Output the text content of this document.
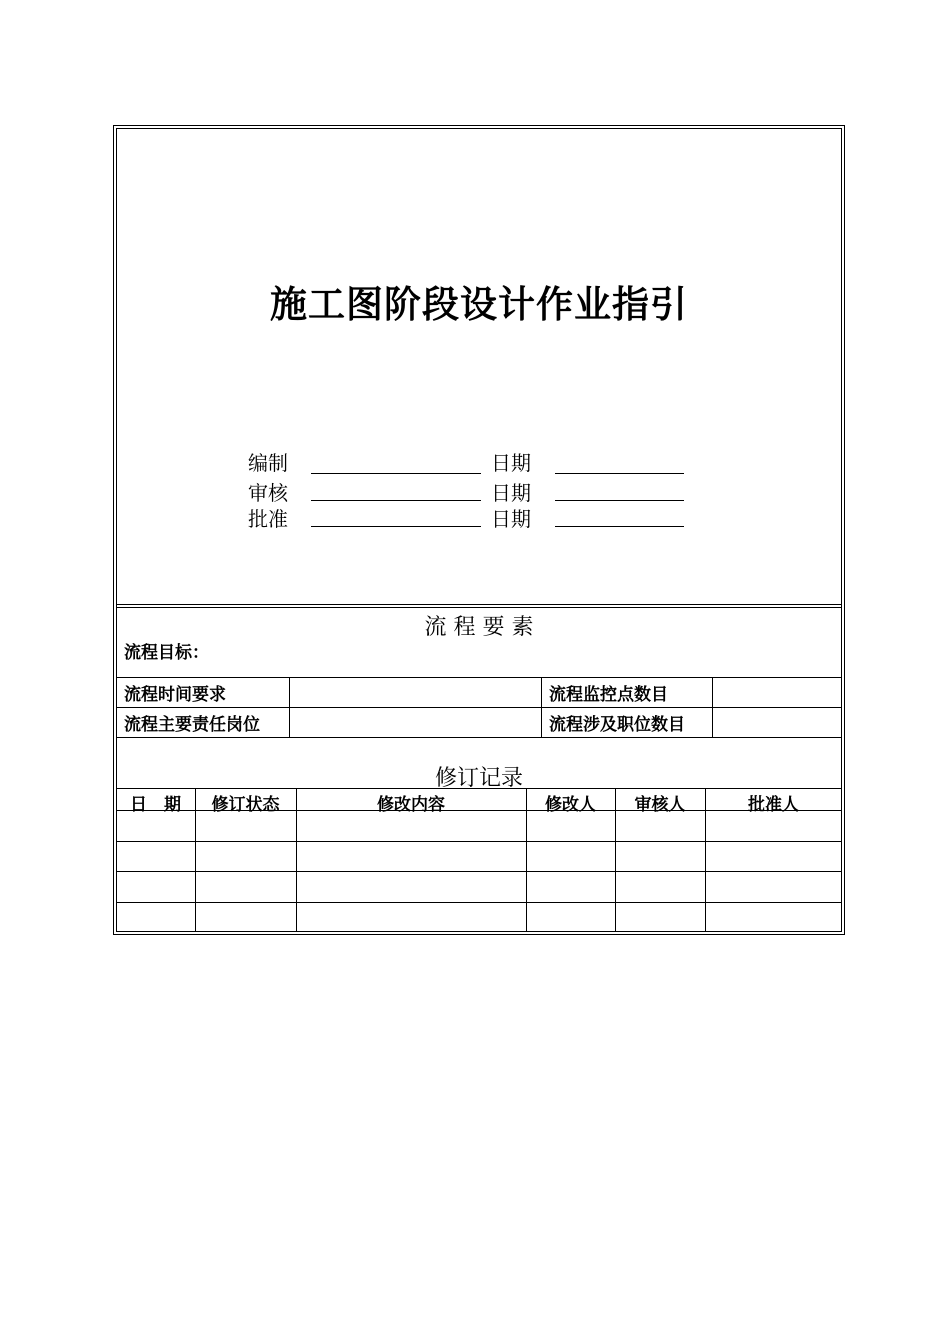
施工图阶段设计作业指引
编制	日期
审核	日期
批准	日期
流 程 要 素
流程目标：
流程时间要求	流程监控点数目
流程主要责任岗位	流程涉及职位数目
修订记录
日　期	修订状态	修改内容	修改人	审核人	批准人
